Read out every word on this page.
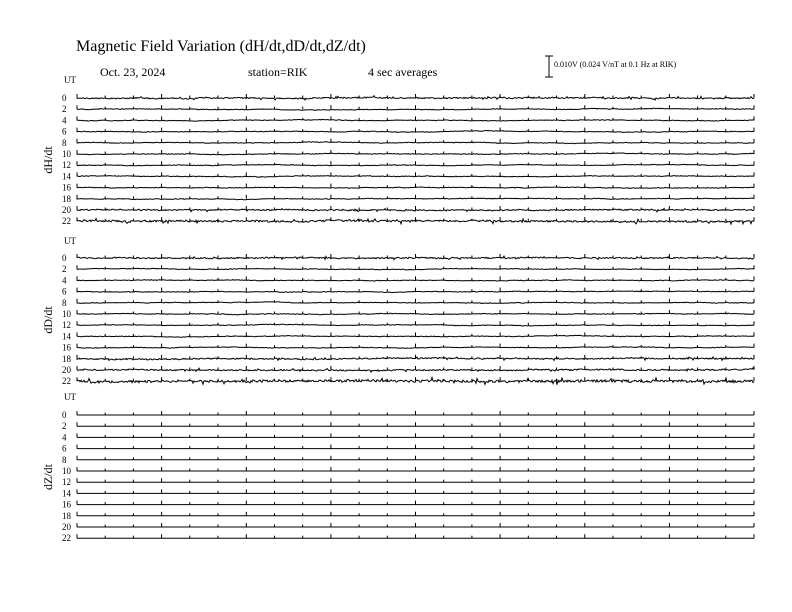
Magnetic Field Variation (dH/dt,dD/dt,dZ/dt)
Oct. 23, 2024	station=RIK	4 sec averages
0.010V (0.024 V/nT at 0.1 Hz at RIK)
UT
dH/dt
0
2
4
6
8
10
12
14
16
18
20
22
UT
dD/dt
0
2
4
6
8
10
12
14
16
18
20
22
UT
dZ/dt
0
2
4
6
8
10
12
14
16
18
20
22
